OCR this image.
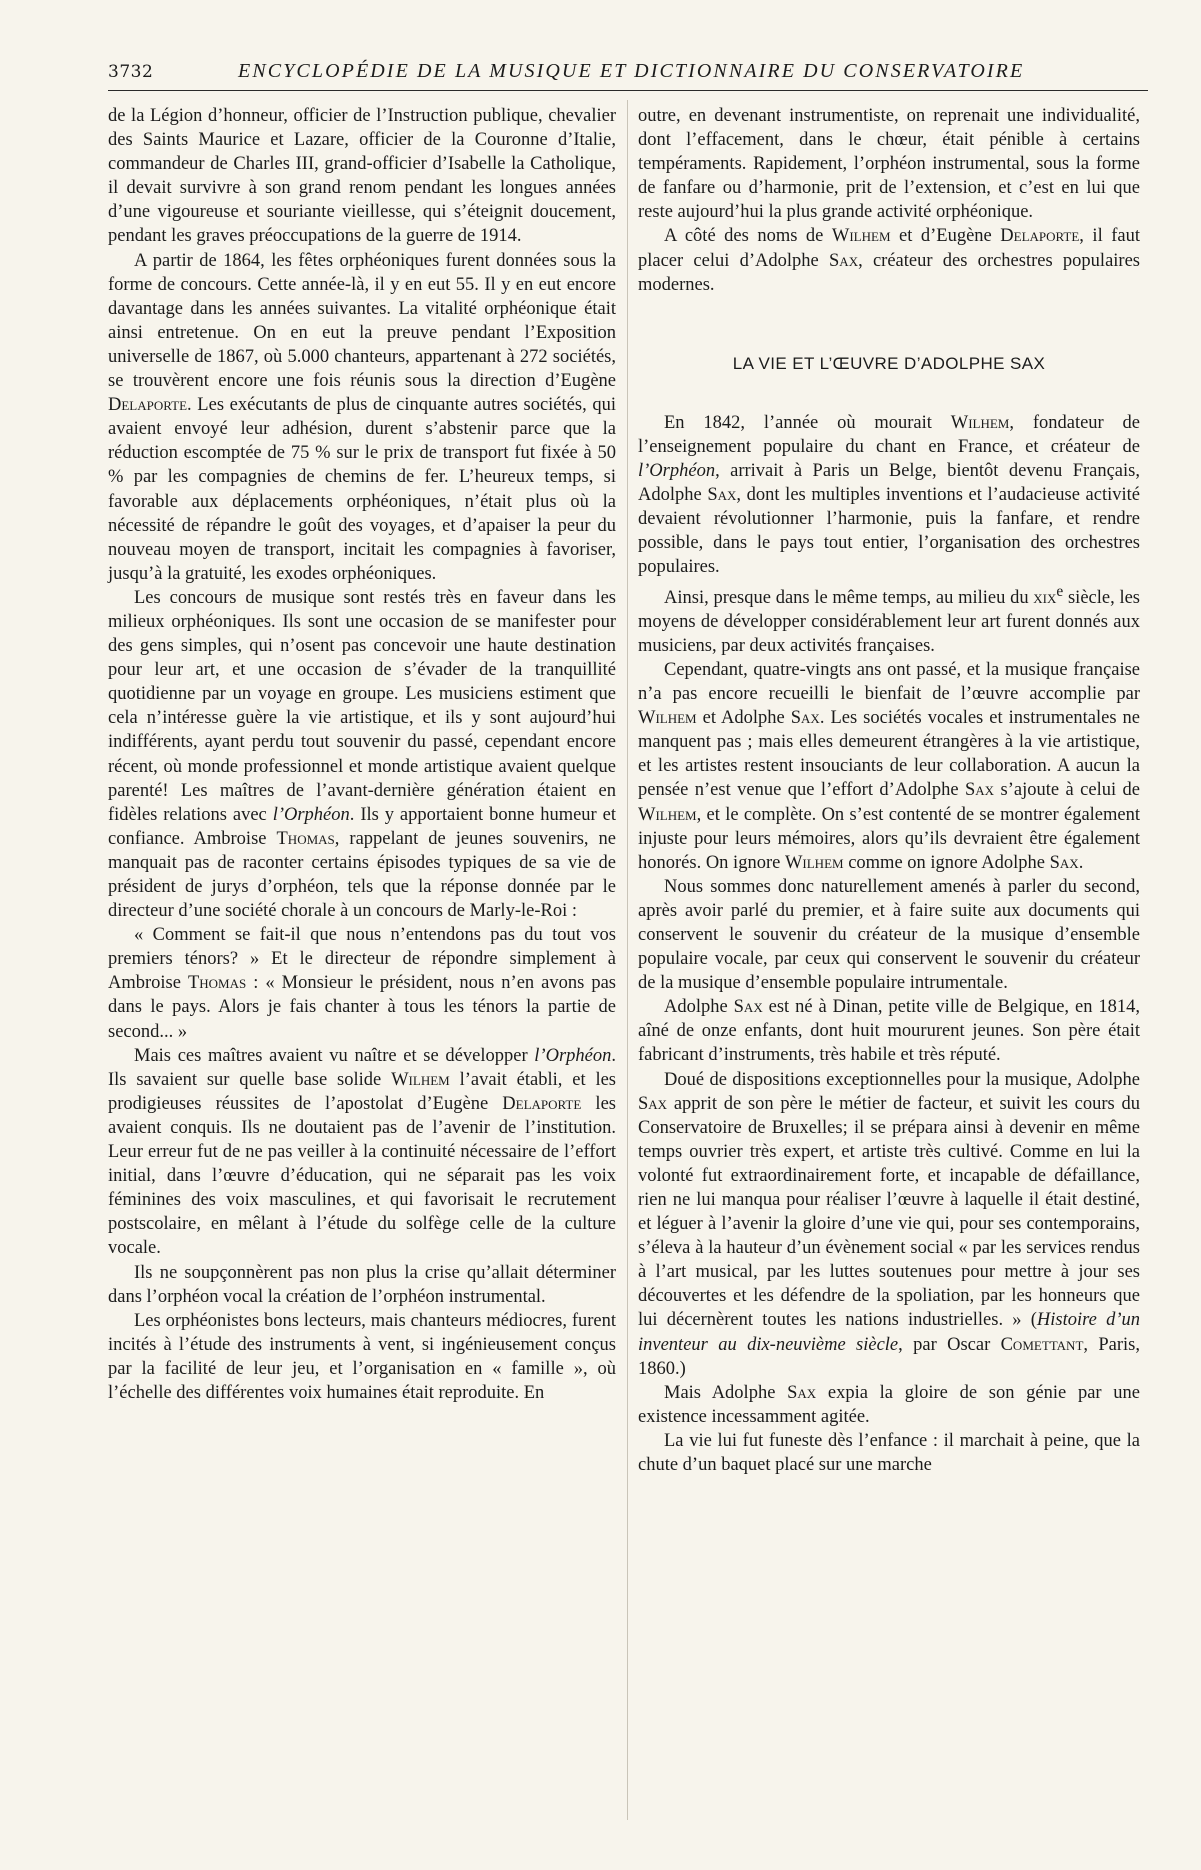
3732	ENCYCLOPÉDIE DE LA MUSIQUE ET DICTIONNAIRE DU CONSERVATOIRE

de la Légion d’honneur, officier de l’Instruction publique, chevalier des Saints Maurice et Lazare, officier de la Couronne d’Italie, commandeur de Charles III, grand-officier d’Isabelle la Catholique, il devait survivre à son grand renom pendant les longues années d’une vigoureuse et souriante vieillesse, qui s’éteignit doucement, pendant les graves préoccupations de la guerre de 1914.

A partir de 1864, les fêtes orphéoniques furent données sous la forme de concours. Cette année-là, il y en eut 55. Il y en eut encore davantage dans les années suivantes. La vitalité orphéonique était ainsi entretenue. On en eut la preuve pendant l’Exposition universelle de 1867, où 5.000 chanteurs, appartenant à 272 sociétés, se trouvèrent encore une fois réunis sous la direction d’Eugène Delaporte. Les exécutants de plus de cinquante autres sociétés, qui avaient envoyé leur adhésion, durent s’abstenir parce que la réduction escomptée de 75 % sur le prix de transport fut fixée à 50 % par les compagnies de chemins de fer. L’heureux temps, si favorable aux déplacements orphéoniques, n’était plus où la nécessité de répandre le goût des voyages, et d’apaiser la peur du nouveau moyen de transport, incitait les compagnies à favoriser, jusqu’à la gratuité, les exodes orphéoniques.

Les concours de musique sont restés très en faveur dans les milieux orphéoniques. Ils sont une occasion de se manifester pour des gens simples, qui n’osent pas concevoir une haute destination pour leur art, et une occasion de s’évader de la tranquillité quotidienne par un voyage en groupe. Les musiciens estiment que cela n’intéresse guère la vie artistique, et ils y sont aujourd’hui indifférents, ayant perdu tout souvenir du passé, cependant encore récent, où monde professionnel et monde artistique avaient quelque parenté! Les maîtres de l’avant-dernière génération étaient en fidèles relations avec l’Orphéon. Ils y apportaient bonne humeur et confiance. Ambroise Thomas, rappelant de jeunes souvenirs, ne manquait pas de raconter certains épisodes typiques de sa vie de président de jurys d’orphéon, tels que la réponse donnée par le directeur d’une société chorale à un concours de Marly-le-Roi :

« Comment se fait-il que nous n’entendons pas du tout vos premiers ténors? » Et le directeur de répondre simplement à Ambroise Thomas : « Monsieur le président, nous n’en avons pas dans le pays. Alors je fais chanter à tous les ténors la partie de second... »

Mais ces maîtres avaient vu naître et se développer l’Orphéon. Ils savaient sur quelle base solide Wilhem l’avait établi, et les prodigieuses réussites de l’apostolat d’Eugène Delaporte les avaient conquis. Ils ne doutaient pas de l’avenir de l’institution. Leur erreur fut de ne pas veiller à la continuité nécessaire de l’effort initial, dans l’œuvre d’éducation, qui ne séparait pas les voix féminines des voix masculines, et qui favorisait le recrutement postscolaire, en mêlant à l’étude du solfège celle de la culture vocale.

Ils ne soupçonnèrent pas non plus la crise qu’allait déterminer dans l’orphéon vocal la création de l’orphéon instrumental.

Les orphéonistes bons lecteurs, mais chanteurs médiocres, furent incités à l’étude des instruments à vent, si ingénieusement conçus par la facilité de leur jeu, et l’organisation en « famille », où l’échelle des différentes voix humaines était reproduite. En

outre, en devenant instrumentiste, on reprenait une individualité, dont l’effacement, dans le chœur, était pénible à certains tempéraments. Rapidement, l’orphéon instrumental, sous la forme de fanfare ou d’harmonie, prit de l’extension, et c’est en lui que reste aujourd’hui la plus grande activité orphéonique.

A côté des noms de Wilhem et d’Eugène Delaporte, il faut placer celui d’Adolphe Sax, créateur des orchestres populaires modernes.

LA VIE ET L’ŒUVRE D’ADOLPHE SAX

En 1842, l’année où mourait Wilhem, fondateur de l’enseignement populaire du chant en France, et créateur de l’Orphéon, arrivait à Paris un Belge, bientôt devenu Français, Adolphe Sax, dont les multiples inventions et l’audacieuse activité devaient révolutionner l’harmonie, puis la fanfare, et rendre possible, dans le pays tout entier, l’organisation des orchestres populaires.

Ainsi, presque dans le même temps, au milieu du xix$^e$ siècle, les moyens de développer considérablement leur art furent donnés aux musiciens, par deux activités françaises.

Cependant, quatre-vingts ans ont passé, et la musique française n’a pas encore recueilli le bienfait de l’œuvre accomplie par Wilhem et Adolphe Sax. Les sociétés vocales et instrumentales ne manquent pas ; mais elles demeurent étrangères à la vie artistique, et les artistes restent insouciants de leur collaboration. A aucun la pensée n’est venue que l’effort d’Adolphe Sax s’ajoute à celui de Wilhem, et le complète. On s’est contenté de se montrer également injuste pour leurs mémoires, alors qu’ils devraient être également honorés. On ignore Wilhem comme on ignore Adolphe Sax.

Nous sommes donc naturellement amenés à parler du second, après avoir parlé du premier, et à faire suite aux documents qui conservent le souvenir du créateur de la musique d’ensemble populaire vocale, par ceux qui conservent le souvenir du créateur de la musique d’ensemble populaire intrumentale.

Adolphe Sax est né à Dinan, petite ville de Belgique, en 1814, aîné de onze enfants, dont huit moururent jeunes. Son père était fabricant d’instruments, très habile et très réputé.

Doué de dispositions exceptionnelles pour la musique, Adolphe Sax apprit de son père le métier de facteur, et suivit les cours du Conservatoire de Bruxelles; il se prépara ainsi à devenir en même temps ouvrier très expert, et artiste très cultivé. Comme en lui la volonté fut extraordinairement forte, et incapable de défaillance, rien ne lui manqua pour réaliser l’œuvre à laquelle il était destiné, et léguer à l’avenir la gloire d’une vie qui, pour ses contemporains, s’éleva à la hauteur d’un évènement social « par les services rendus à l’art musical, par les luttes soutenues pour mettre à jour ses découvertes et les défendre de la spoliation, par les honneurs que lui décernèrent toutes les nations industrielles. » (Histoire d’un inventeur au dix-neuvième siècle, par Oscar Comettant, Paris, 1860.)

Mais Adolphe Sax expia la gloire de son génie par une existence incessamment agitée.

La vie lui fut funeste dès l’enfance : il marchait à peine, que la chute d’un baquet placé sur une marche
